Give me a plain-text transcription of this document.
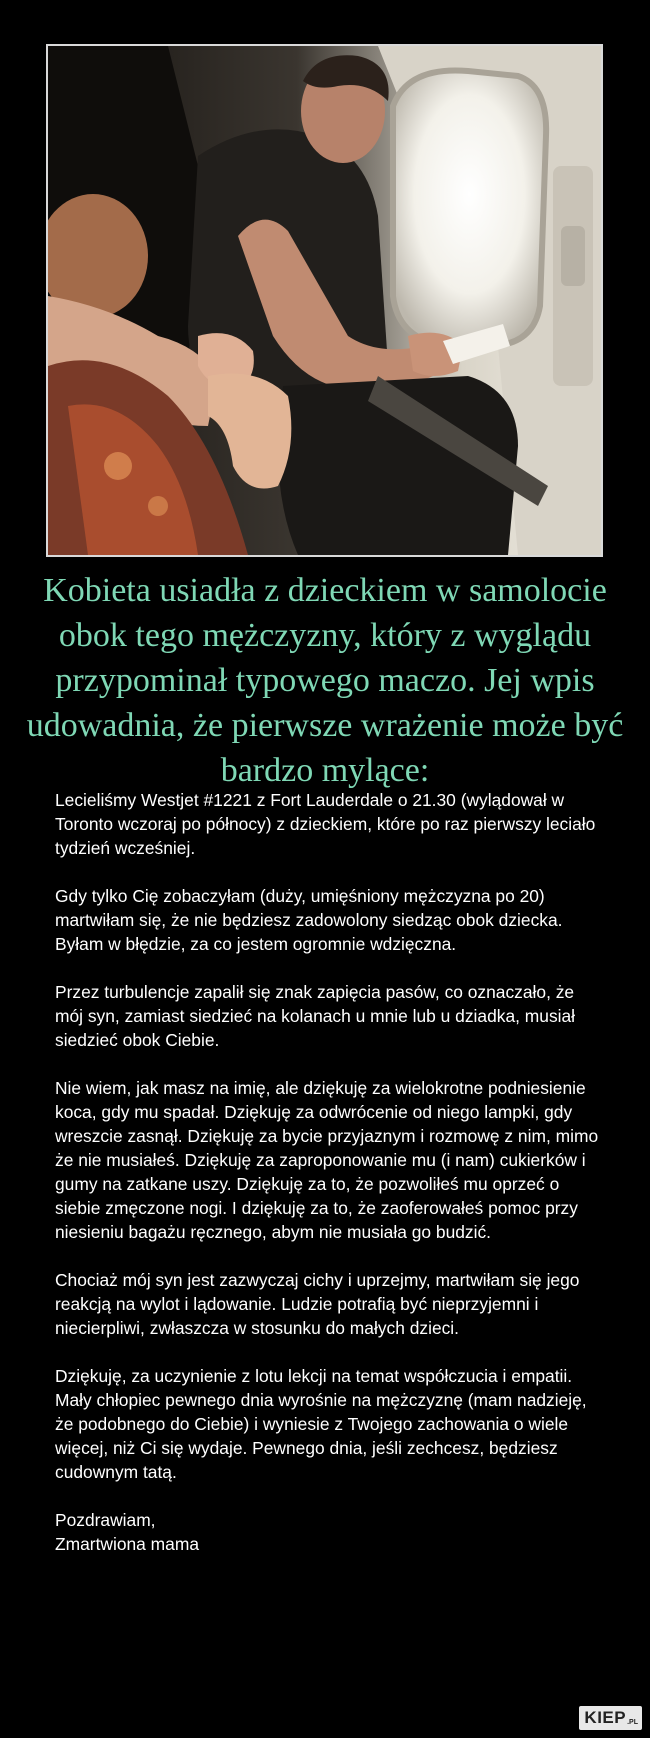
Kobieta usiadła z dzieckiem w samolocie obok tego mężczyzny, który z wyglądu przypominał typowego maczo. Jej wpis udowadnia, że pierwsze wrażenie może być bardzo mylące:

Lecieliśmy Westjet #1221 z Fort Lauderdale o 21.30 (wylądował w Toronto wczoraj po północy) z dzieckiem, które po raz pierwszy leciało tydzień wcześniej.

Gdy tylko Cię zobaczyłam (duży, umięśniony mężczyzna po 20) martwiłam się, że nie będziesz zadowolony siedząc obok dziecka. Byłam w błędzie, za co jestem ogromnie wdzięczna.

Przez turbulencje zapalił się znak zapięcia pasów, co oznaczało, że mój syn, zamiast siedzieć na kolanach u mnie lub u dziadka, musiał siedzieć obok Ciebie.

Nie wiem, jak masz na imię, ale dziękuję za wielokrotne podniesienie koca, gdy mu spadał. Dziękuję za odwrócenie od niego lampki, gdy wreszcie zasnął. Dziękuję za bycie przyjaznym i rozmowę z nim, mimo że nie musiałeś. Dziękuję za zaproponowanie mu (i nam) cukierków i gumy na zatkane uszy. Dziękuję za to, że pozwoliłeś mu oprzeć o siebie zmęczone nogi. I dziękuję za to, że zaoferowałeś pomoc przy niesieniu bagażu ręcznego, abym nie musiała go budzić.

Chociaż mój syn jest zazwyczaj cichy i uprzejmy, martwiłam się jego reakcją na wylot i lądowanie. Ludzie potrafią być nieprzyjemni i niecierpliwi, zwłaszcza w stosunku do małych dzieci.

Dziękuję, za uczynienie z lotu lekcji na temat współczucia i empatii. Mały chłopiec pewnego dnia wyrośnie na mężczyznę (mam nadzieję, że podobnego do Ciebie) i wyniesie z Twojego zachowania o wiele więcej, niż Ci się wydaje. Pewnego dnia, jeśli zechcesz, będziesz cudownym tatą.

Pozdrawiam,
Zmartwiona mama

KIEP .PL
